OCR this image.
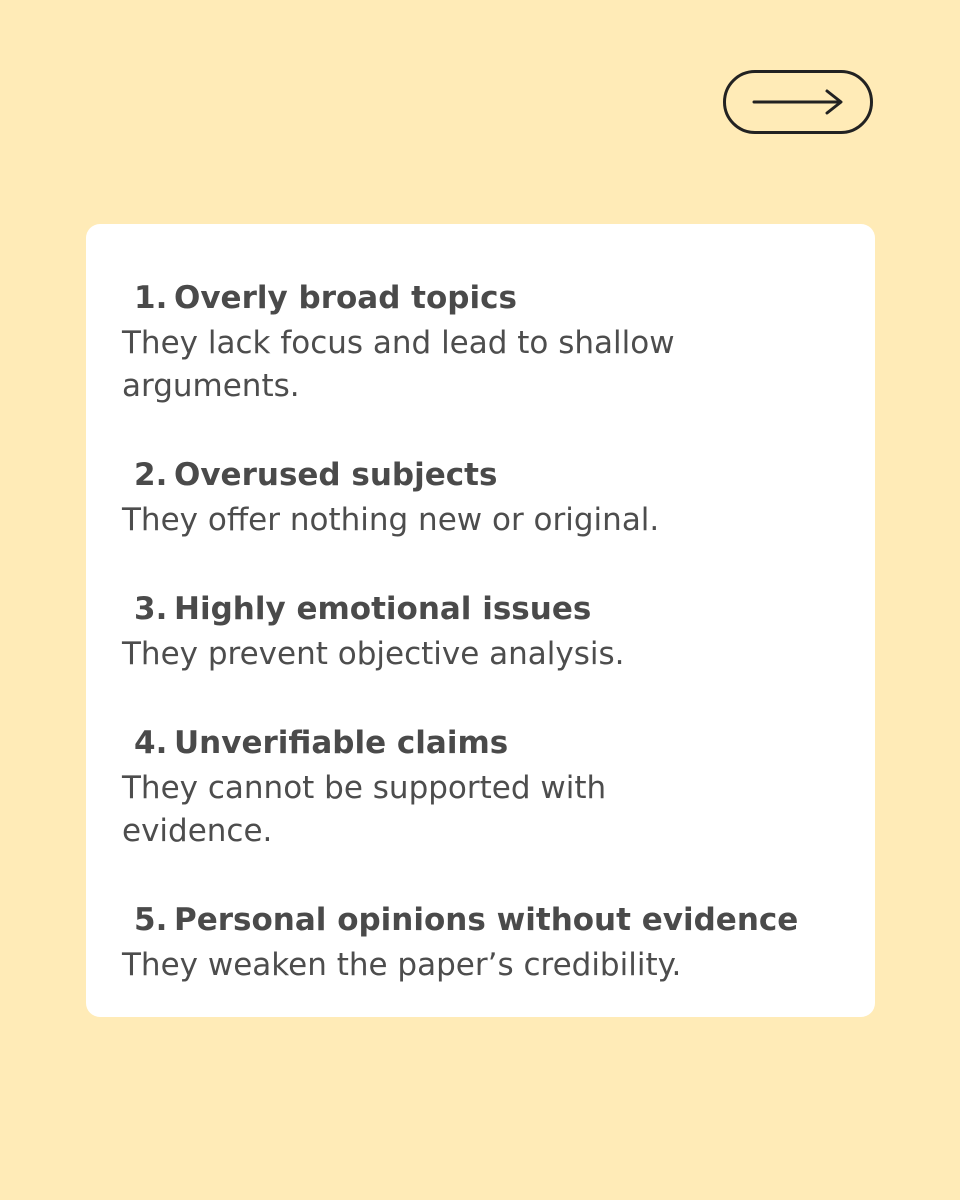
1. Overly broad topics
They lack focus and lead to shallow arguments.
2. Overused subjects
They offer nothing new or original.
3. Highly emotional issues
They prevent objective analysis.
4. Unverifiable claims
They cannot be supported with evidence.
5. Personal opinions without evidence
They weaken the paper’s credibility.
